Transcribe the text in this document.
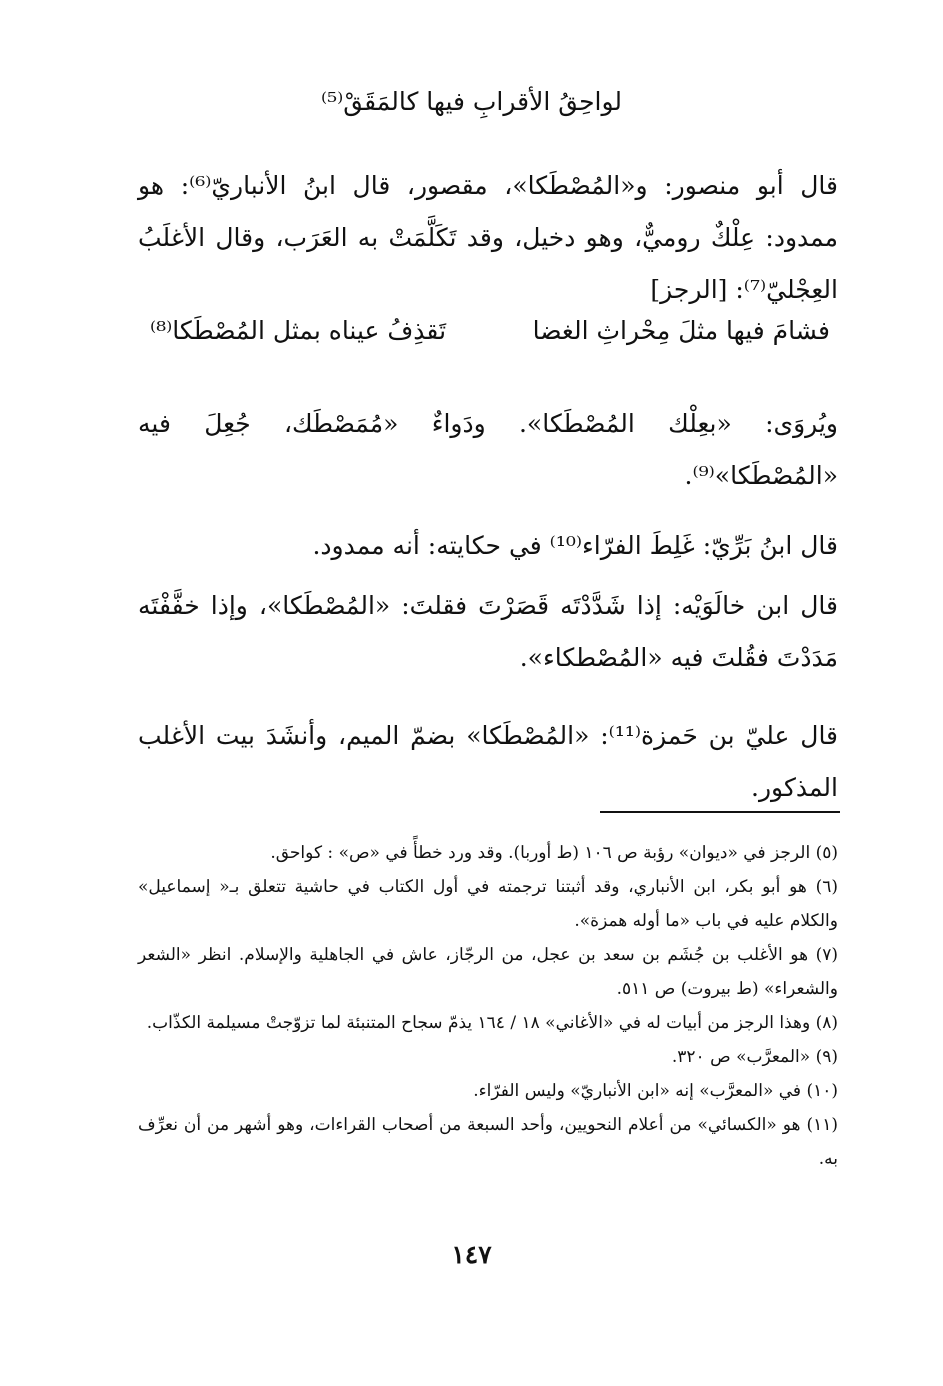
لواحِقُ الأقرابِ فيها كالمَقَقْ⁽⁵⁾

قال أبو منصور: و«المُصْطَكا»، مقصور، قال ابنُ الأنباريّ⁽⁶⁾: هو ممدود: عِلْكٌ روميٌّ، وهو دخيل، وقد تَكَلَّمَتْ به العَرَب، وقال الأغلَبُ العِجْليّ⁽⁷⁾: [الرجز]

فشامَ فيها مثلَ مِحْراثِ الغضا
تَقذِفُ عيناه بمثل المُصْطَكا⁽⁸⁾

ويُروَى: «بعِلْك المُصْطَكا». ودَواءٌ «مُمَصْطَك، جُعِلَ فيه «المُصْطَكا»⁽⁹⁾.

قال ابنُ بَرِّيّ: غَلِطَ الفرّاء⁽¹⁰⁾ في حكايته: أنه ممدود.

قال ابن خالَوَيْه: إذا شَدَّدْتَه قَصَرْتَ فقلتَ: «المُصْطَكا»، وإذا خفَّفْتَه مَدَدْتَ فقُلتَ فيه «المُصْطكاء».

قال عليّ بن حَمزة⁽¹¹⁾: «المُصْطَكا» بضمّ الميم، وأنشَدَ بيت الأغلب المذكور.

(٥) الرجز في «ديوان» رؤبة ص ١٠٦ (ط أوربا). وقد ورد خطأً في «ص» : كواحق.

(٦) هو أبو بكر، ابن الأنباري، وقد أثبتنا ترجمته في أول الكتاب في حاشية تتعلق بـ« إسماعيل» والكلام عليه في باب «ما أوله همزة».

(٧) هو الأغلب بن جُشَم بن سعد بن عجل، من الرجّاز، عاش في الجاهلية والإسلام. انظر «الشعر والشعراء» (ط بيروت) ص ٥١١.

(٨) وهذا الرجز من أبيات له في «الأغاني» ١٨ / ١٦٤ يذمّ سجاح المتنبئة لما تزوّجتْ مسيلمة الكذّاب.

(٩) «المعرَّب» ص ٣٢٠.

(١٠) في «المعرَّب» إنه «ابن الأنباريّ» وليس الفرّاء.

(١١) هو «الكسائي» من أعلام النحويين، وأحد السبعة من أصحاب القراءات، وهو أشهر من أن نعرِّف به.

١٤٧
